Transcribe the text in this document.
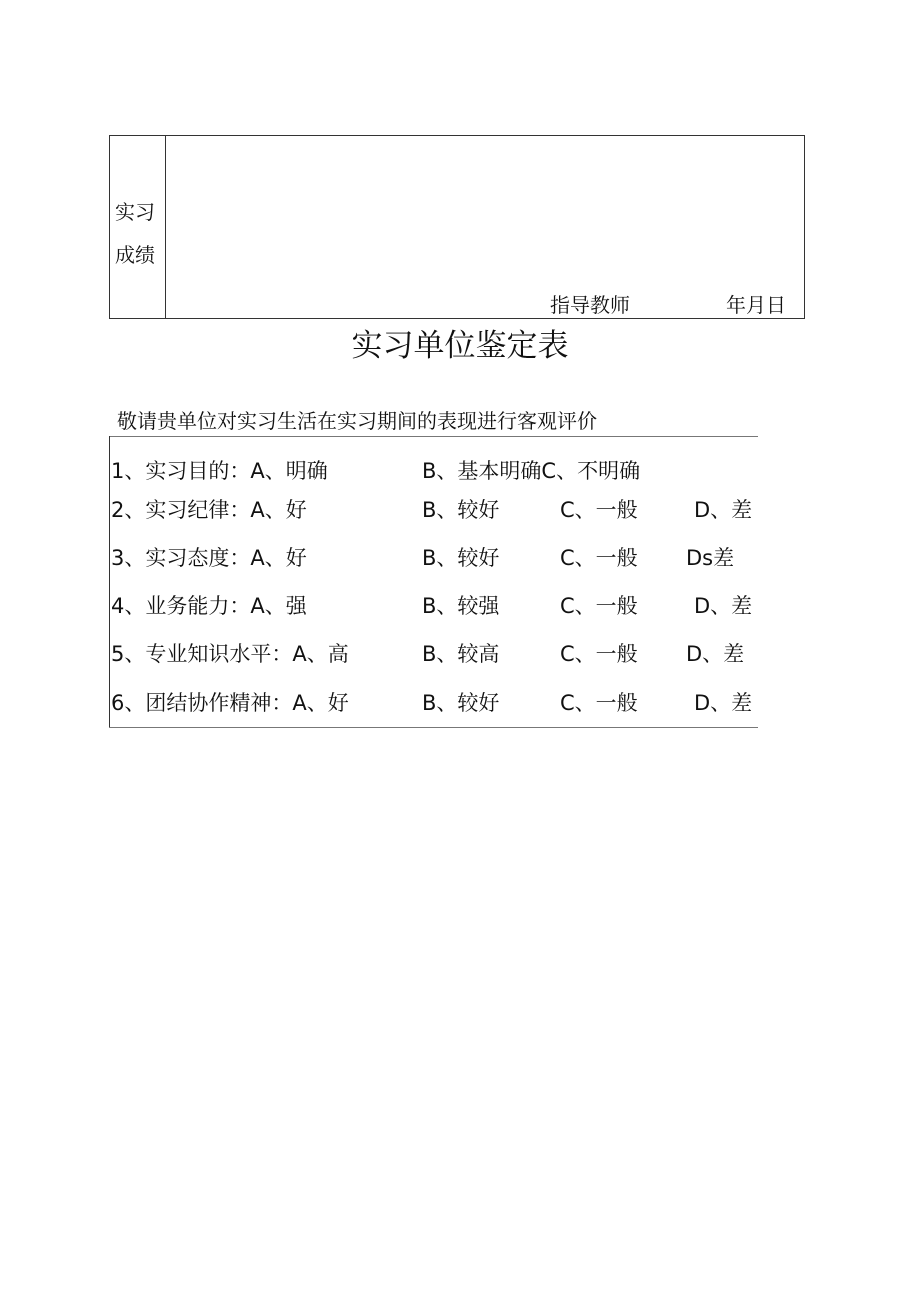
实习
成绩
指导教师	年月日
实习单位鉴定表
敬请贵单位对实习生活在实习期间的表现进行客观评价
1、实习目的：A、明确	B、基本明确C、不明确
2、实习纪律：A、好	B、较好	C、一般	D、差
3、实习态度：A、好	B、较好	C、一般 Ds差
4、业务能力：A、强	B、较强	C、一般	D、差
5、专业知识水平：A、高	B、较高	C、一般 D、差
6、团结协作精神：A、好	B、较好	C、一般	D、差
